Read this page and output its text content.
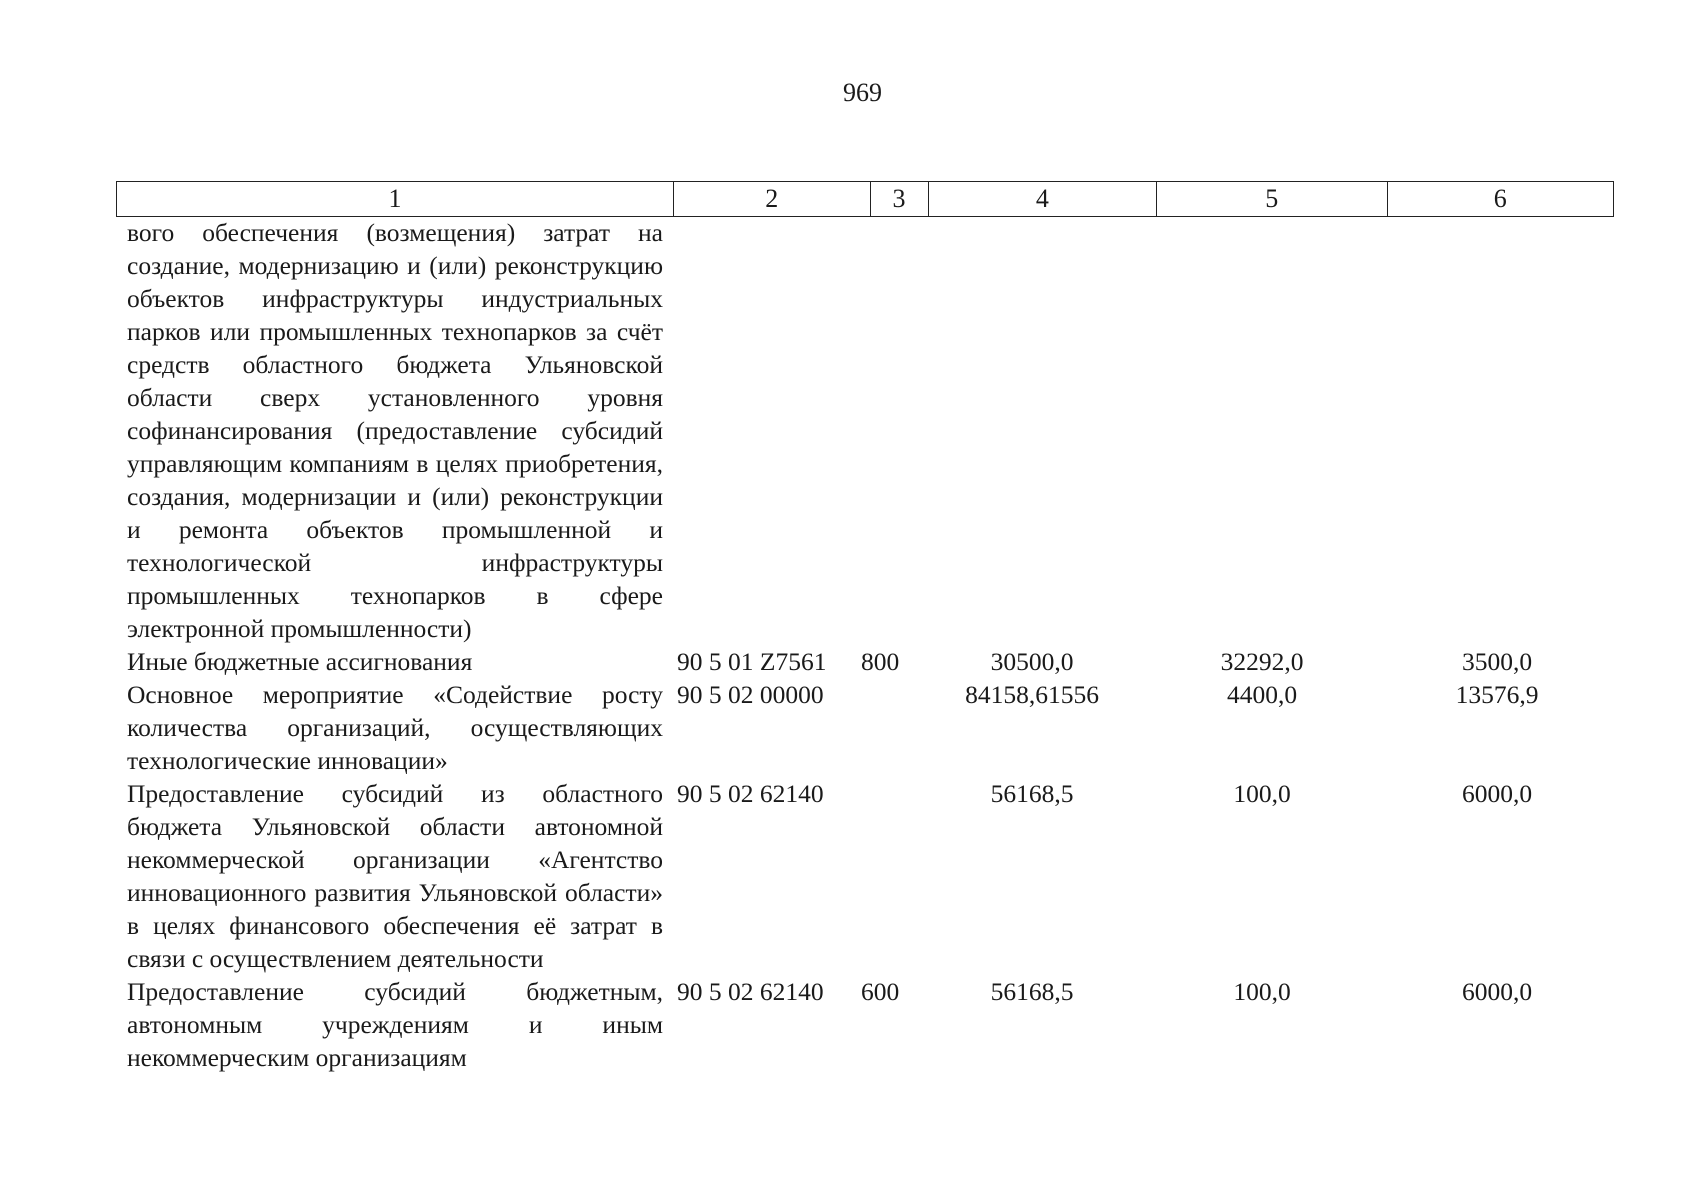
969
1	2	3	4	5	6
вого обеспечения (возмещения) затрат на создание, модернизацию и (или) реконструкцию объектов инфраструктуры индустриальных парков или промышленных технопарков за счёт средств областного бюджета Ульяновской области сверх установленного уровня софинансирования (предоставление субсидий управляющим компаниям в целях приобретения, создания, модернизации и (или) реконструкции и ремонта объектов промышленной и технологической инфраструктуры промышленных технопарков в сфере электронной промышленности)					

Иные бюджетные ассигнования	90 5 01 Z7561	800	30500,0	32292,0	3500,0

Основное мероприятие «Содействие росту количества организаций, осуществляющих технологические инновации»	90 5 02 00000		84158,61556	4400,0	13576,9

Предоставление субсидий из областного бюджета Ульяновской области автономной некоммерческой организации «Агентство инновационного развития Ульяновской области» в целях финансового обеспечения её затрат в связи с осуществлением деятельности	90 5 02 62140		56168,5	100,0	6000,0

Предоставление субсидий бюджетным, автономным учреждениям и иным некоммерческим организациям	90 5 02 62140	600	56168,5	100,0	6000,0
